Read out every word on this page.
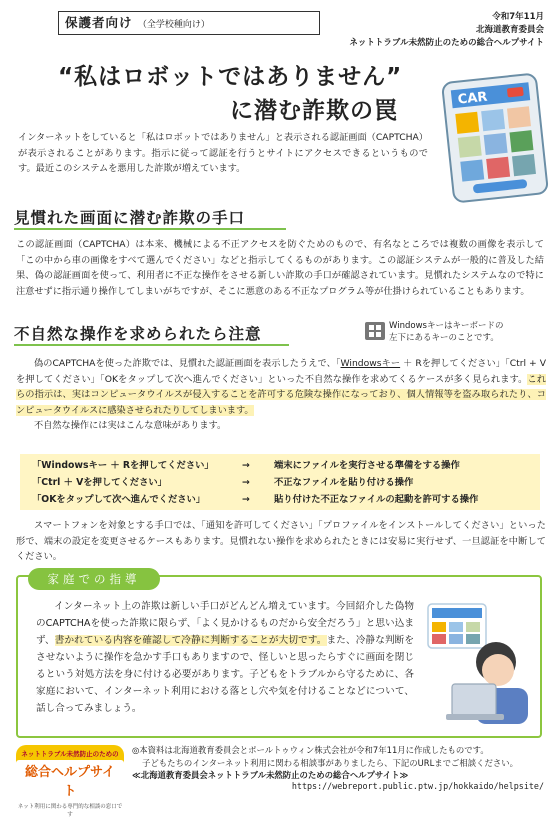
保護者向け （全学校種向け）
令和7年11月
北海道教育委員会
ネットトラブル未然防止のための総合ヘルプサイト
“私はロボットではありません”
に潜む詐欺の罠	CAR
インターネットをしていると「私はロボットではありません」と表示される認証画面（CAPTCHA）が表示されることがあります。指示に従って認証を行うとサイトにアクセスできるというものです。最近このシステムを悪用した詐欺が増えています。
見慣れた画面に潜む詐欺の手口
この認証画面（CAPTCHA）は本来、機械による不正アクセスを防ぐためのもので、有名なところでは複数の画像を表示して「この中から車の画像をすべて選んでください」などと指示してくるものがあります。この認証システムが一般的に普及した結果、偽の認証画面を使って、利用者に不正な操作をさせる新しい詐欺の手口が確認されています。見慣れたシステムなので特に注意せずに指示通り操作してしまいがちですが、そこに悪意のある不正なプログラム等が仕掛けられていることもあります。
不自然な操作を求められたら注意	Windowsキーはキーボードの
左下にあるキーのことです。
偽のCAPTCHAを使った詐欺では、見慣れた認証画面を表示したうえで、「Windowsキー ＋ Rを押してください」「Ctrl + Vを押してください」「OKをタップして次へ進んでください」といった不自然な操作を求めてくるケースが多く見られます。これらの指示は、実はコンピュータウイルスが侵入することを許可する危険な操作になっており、個人情報等を盗み取られたり、コンピュータウイルスに感染させられたりしてしまいます。
不自然な操作には実はこんな意味があります。
「Windowsキー ＋ Rを押してください」	→	端末にファイルを実行させる準備をする操作
「Ctrl ＋ Vを押してください」	→	不正なファイルを貼り付ける操作
「OKをタップして次へ進んでください」	→	貼り付けた不正なファイルの起動を許可する操作
スマートフォンを対象とする手口では、「通知を許可してください」「プロファイルをインストールしてください」といった形で、端末の設定を変更させるケースもあります。見慣れない操作を求められたときには安易に実行せず、一旦認証を中断してください。
家庭での指導
インターネット上の詐欺は新しい手口がどんどん増えています。今回紹介した偽物のCAPTCHAを使った詐欺に限らず、「よく見かけるものだから安全だろう」と思い込まず、書かれている内容を確認して冷静に判断することが大切です。また、冷静な判断をさせないように操作を急かす手口もありますので、怪しいと思ったらすぐに画面を閉じるという対処方法を身に付ける必要があります。子どもをトラブルから守るために、各家庭において、インターネット利用における落とし穴や気を付けることなどについて、話し合ってみましょう。
ネットトラブル未然防止のための
総合ヘルプサイト
ネット利用に関わる専門的な相談の窓口です
◎本資料は北海道教育委員会とポールトゥウィン株式会社が令和7年11月に作成したものです。
子どもたちのインターネット利用に関わる相談事がありましたら、下記のURLまでご相談ください。
≪北海道教育委員会ネットトラブル未然防止のための総合ヘルプサイト≫
https://webreport.public.ptw.jp/hokkaido/helpsite/
